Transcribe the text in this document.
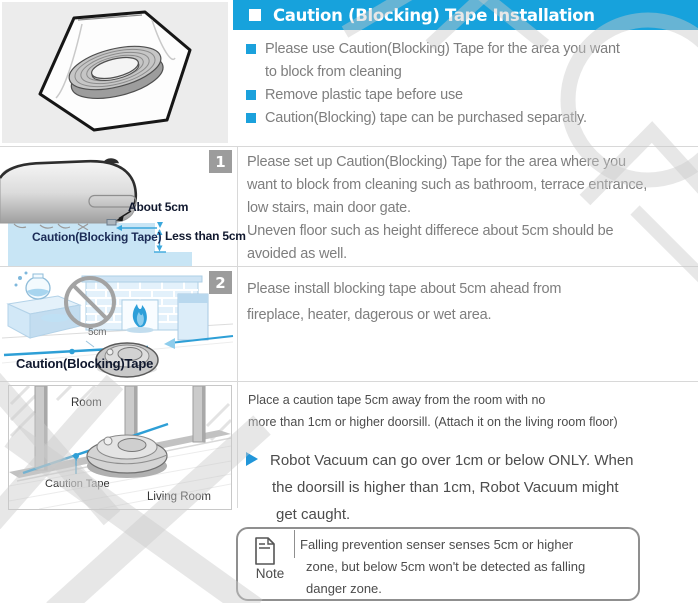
Caution (Blocking) Tape Installation
Please use Caution(Blocking) Tape for the area you want
to block from cleaning
Remove plastic tape before use
Caution(Blocking) tape can be purchased separatly.
1
About 5cm
Caution(Blocking Tape) Less than 5cm
Please set up Caution(Blocking) Tape for the area where you
want to block from cleaning such as bathroom, terrace entrance,
low stairs, main door gate.
Uneven floor such as height differece about 5cm should be
avoided as well.
2
5cm
Caution(Blocking)Tape
Please install blocking tape about 5cm ahead from
fireplace, heater, dagerous or wet area.
Room
Caution Tape
Living Room
Place a caution tape 5cm away from the room with no
more than 1cm or higher doorsill. (Attach it on the living room floor)
Robot Vacuum can go over 1cm or below ONLY. When
the doorsill is higher than 1cm, Robot Vacuum might
get caught.
Note
Falling prevention senser senses 5cm or higher
zone, but below 5cm won't be detected as falling
danger zone.
